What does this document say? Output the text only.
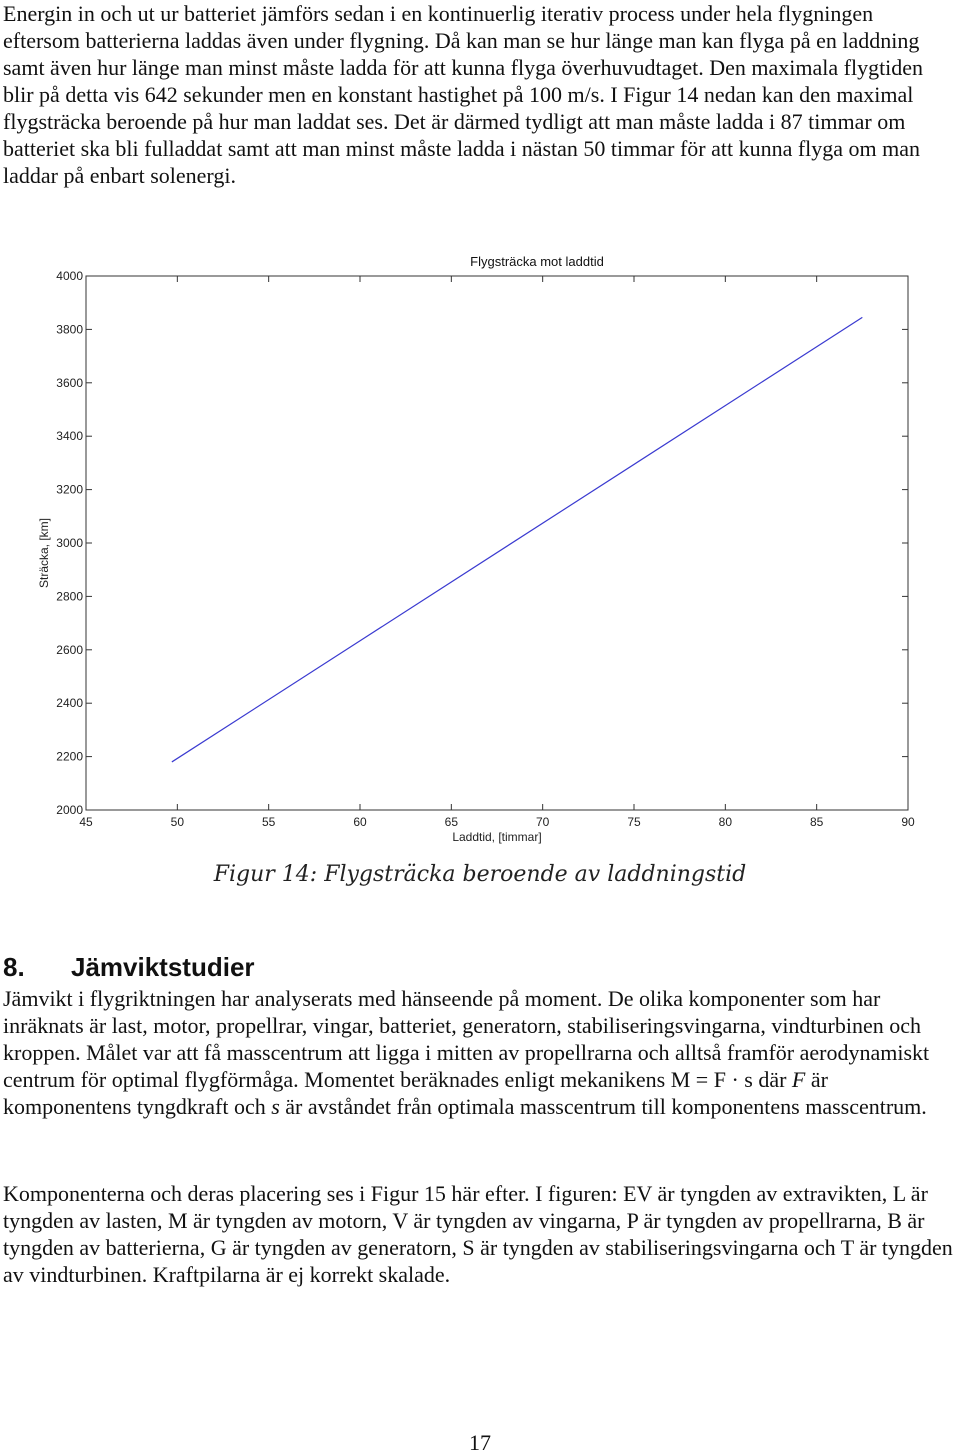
Energin in och ut ur batteriet jämförs sedan i en kontinuerlig iterativ process under hela flygningen eftersom batterierna laddas även under flygning. Då kan man se hur länge man kan flyga på en laddning samt även hur länge man minst måste ladda för att kunna flyga överhuvudtaget. Den maximala flygtiden blir på detta vis 642 sekunder men en konstant hastighet på 100 m/s. I Figur 14 nedan kan den maximal flygsträcka beroende på hur man laddat ses. Det är därmed tydligt att man måste ladda i 87 timmar om batteriet ska bli fulladdat samt att man minst måste ladda i nästan 50 timmar för att kunna flyga om man laddar på enbart solenergi.

45	50	55	60	65	70	75	80	85	90
2000
2200
2400
2600
2800
3000
3200
3400
3600
3800
4000
Flygsträcka mot laddtid
Laddtid, [timmar]
Sträcka, [km]
Figur 14: Flygsträcka beroende av laddningstid
8. Jämviktstudier

Jämvikt i flygriktningen har analyserats med hänseende på moment. De olika komponenter som har inräknats är last, motor, propellrar, vingar, batteriet, generatorn, stabiliseringsvingarna, vindturbinen och kroppen. Målet var att få masscentrum att ligga i mitten av propellrarna och alltså framför aerodynamiskt centrum för optimal flygförmåga. Momentet beräknades enligt mekanikens M = F · s där F är komponentens tyngdkraft och s är avståndet från optimala masscentrum till komponentens masscentrum.

Komponenterna och deras placering ses i Figur 15 här efter. I figuren: EV är tyngden av extravikten, L är tyngden av lasten, M är tyngden av motorn, V är tyngden av vingarna, P är tyngden av propellrarna, B är tyngden av batterierna, G är tyngden av generatorn, S är tyngden av stabiliseringsvingarna och T är tyngden av vindturbinen. Kraftpilarna är ej korrekt skalade.

17
